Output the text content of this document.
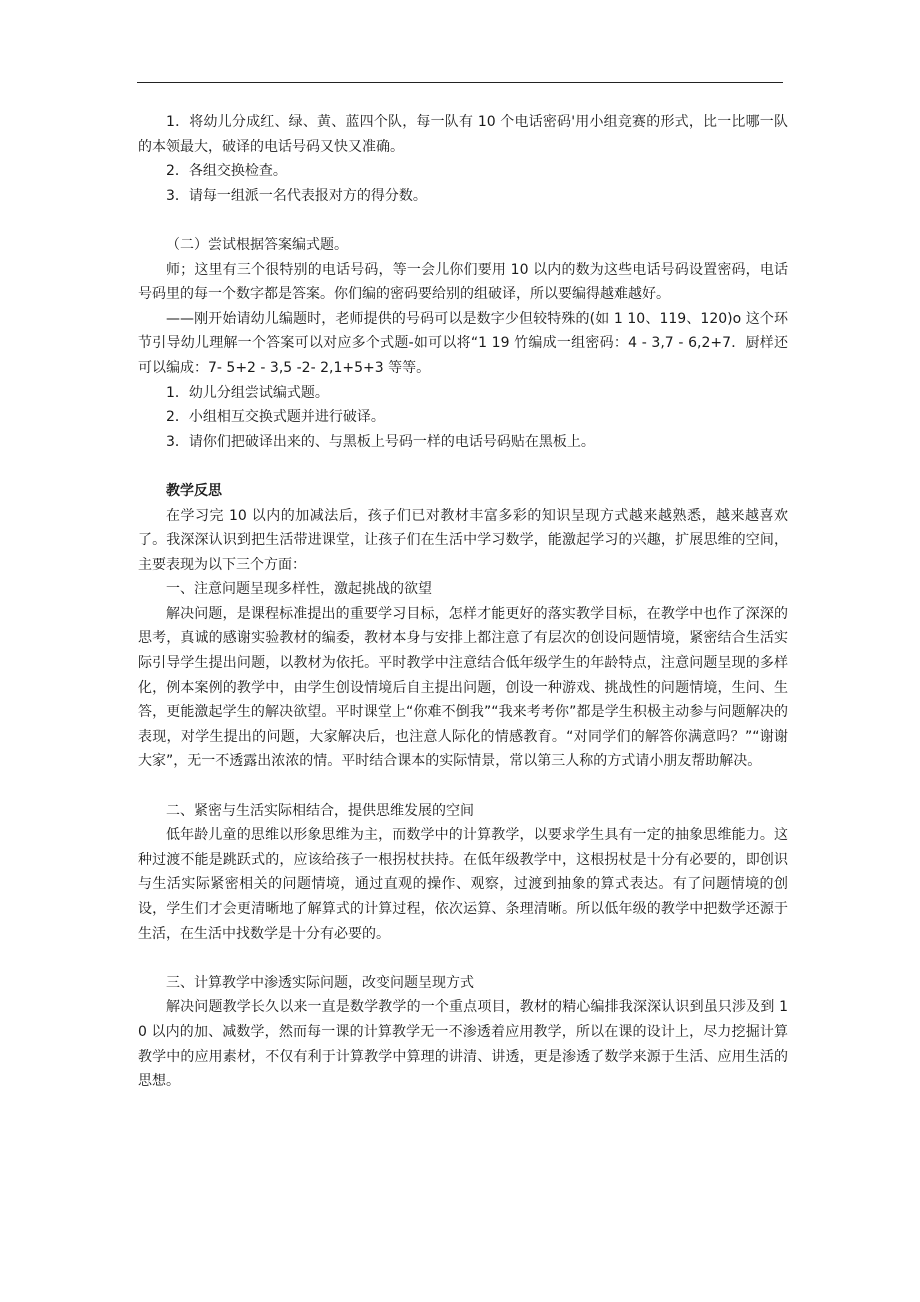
1．将幼儿分成红、绿、黄、蓝四个队，每一队有 10 个电话密码'用小组竞赛的形式，比一比哪一队的本领最大，破译的电话号码又快又准确。

2．各组交换检查。

3．请每一组派一名代表报对方的得分数。

（二）尝试根据答案编式题。

师；这里有三个很特别的电话号码，等一会儿你们要用 10 以内的数为这些电话号码设置密码，电话号码里的每一个数字都是答案。你们编的密码要给别的组破译，所以要编得越难越好。

——刚开始请幼儿编题时，老师提供的号码可以是数字少但较特殊的(如 1 10、119、120)o 这个环节引导幼儿理解一个答案可以对应多个式题-如可以将“1 19 竹编成一组密码：4 - 3,7 - 6,2+7．厨样还可以编成：7- 5+2 - 3,5 -2- 2,1+5+3 等等。

1．幼儿分组尝试编式题。

2．小组相互交换式题并进行破译。

3．请你们把破译出来的、与黑板上号码一样的电话号码贴在黑板上。

教学反思

在学习完 10 以内的加减法后，孩子们已对教材丰富多彩的知识呈现方式越来越熟悉，越来越喜欢了。我深深认识到把生活带进课堂，让孩子们在生活中学习数学，能激起学习的兴趣，扩展思维的空间，主要表现为以下三个方面：

一、注意问题呈现多样性，激起挑战的欲望

解决问题，是课程标准提出的重要学习目标，怎样才能更好的落实教学目标，在教学中也作了深深的思考，真诚的感谢实验教材的编委，教材本身与安排上都注意了有层次的创设问题情境，紧密结合生活实际引导学生提出问题，以教材为依托。平时教学中注意结合低年级学生的年龄特点，注意问题呈现的多样化，例本案例的教学中，由学生创设情境后自主提出问题，创设一种游戏、挑战性的问题情境，生问、生答，更能激起学生的解决欲望。平时课堂上“你难不倒我”“我来考考你”都是学生积极主动参与问题解决的表现，对学生提出的问题，大家解决后，也注意人际化的情感教育。“对同学们的解答你满意吗？”“谢谢大家”，无一不透露出浓浓的情。平时结合课本的实际情景，常以第三人称的方式请小朋友帮助解决。

二、紧密与生活实际相结合，提供思维发展的空间

低年龄儿童的思维以形象思维为主，而数学中的计算教学，以要求学生具有一定的抽象思维能力。这种过渡不能是跳跃式的，应该给孩子一根拐杖扶持。在低年级教学中，这根拐杖是十分有必要的，即创识与生活实际紧密相关的问题情境，通过直观的操作、观察，过渡到抽象的算式表达。有了问题情境的创设，学生们才会更清晰地了解算式的计算过程，依次运算、条理清晰。所以低年级的教学中把数学还源于生活，在生活中找数学是十分有必要的。

三、计算教学中渗透实际问题，改变问题呈现方式

解决问题教学长久以来一直是数学教学的一个重点项目，教材的精心编排我深深认识到虽只涉及到 10 以内的加、减数学，然而每一课的计算教学无一不渗透着应用教学，所以在课的设计上，尽力挖掘计算教学中的应用素材，不仅有利于计算教学中算理的讲清、讲透，更是渗透了数学来源于生活、应用生活的思想。
